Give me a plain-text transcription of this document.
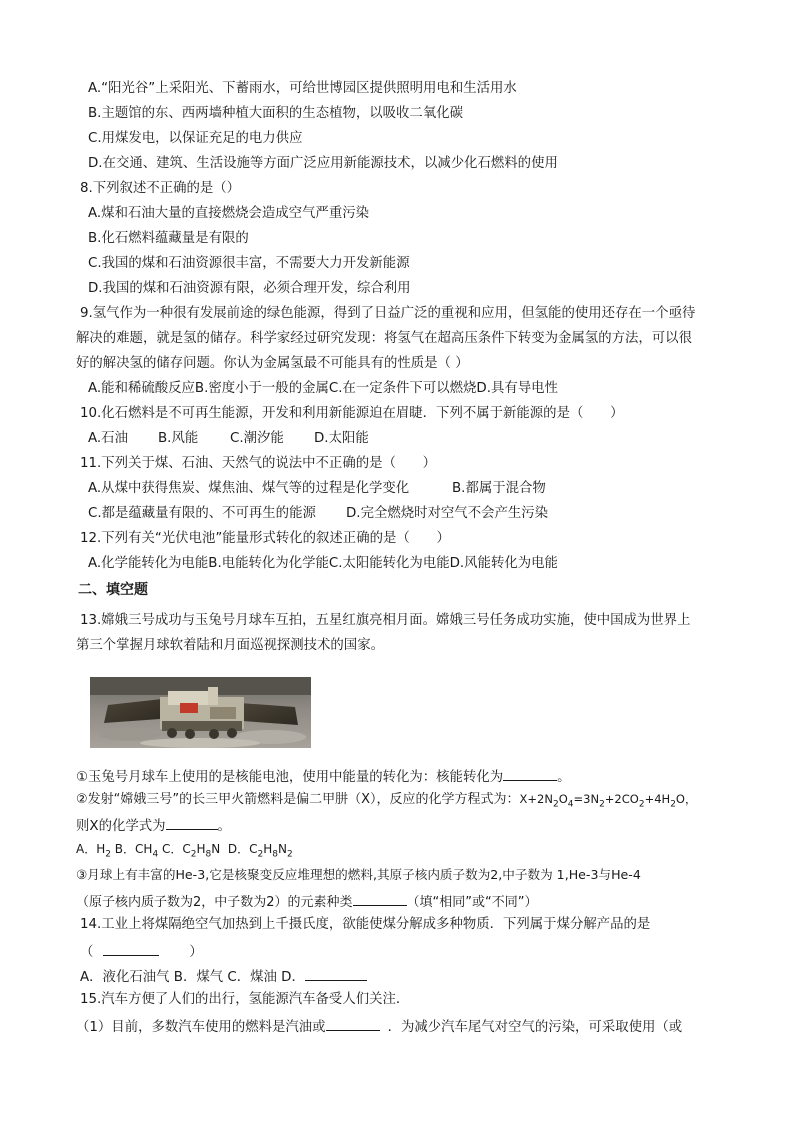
A.“阳光谷”上采阳光、下蓄雨水，可给世博园区提供照明用电和生活用水
B.主题馆的东、西两墙种植大面积的生态植物，以吸收二氧化碳
C.用煤发电，以保证充足的电力供应
D.在交通、建筑、生活设施等方面广泛应用新能源技术，以减少化石燃料的使用
8.下列叙述不正确的是（）
A.煤和石油大量的直接燃烧会造成空气严重污染
B.化石燃料蕴藏量是有限的
C.我国的煤和石油资源很丰富，不需要大力开发新能源
D.我国的煤和石油资源有限，必须合理开发，综合利用
9.氢气作为一种很有发展前途的绿色能源，得到了日益广泛的重视和应用，但氢能的使用还存在一个亟待
解决的难题，就是氢的储存。科学家经过研究发现：将氢气在超高压条件下转变为金属氢的方法，可以很
好的解决氢的储存问题。你认为金属氢最不可能具有的性质是（ ）
A.能和稀硫酸反应B.密度小于一般的金属C.在一定条件下可以燃烧D.具有导电性
10.化石燃料是不可再生能源，开发和利用新能源迫在眉睫．下列不属于新能源的是（　　）
A.石油 B.风能 C.潮汐能 D.太阳能
11.下列关于煤、石油、天然气的说法中不正确的是（　　）
A.从煤中获得焦炭、煤焦油、煤气等的过程是化学变化	B.都属于混合物
C.都是蕴藏量有限的、不可再生的能源 D.完全燃烧时对空气不会产生污染
12.下列有关“光伏电池”能量形式转化的叙述正确的是（　　）
A.化学能转化为电能B.电能转化为化学能C.太阳能转化为电能D.风能转化为电能
二、填空题
13.嫦娥三号成功与玉兔号月球车互拍，五星红旗亮相月面。嫦娥三号任务成功实施，使中国成为世界上
第三个掌握月球软着陆和月面巡视探测技术的国家。
①玉兔号月球车上使用的是核能电池，使用中能量的转化为：核能转化为	。
②发射“嫦娥三号”的长三甲火箭燃料是偏二甲肼（X），反应的化学方程式为：$X+2N_2O_4=3N_2+2CO_2+4H_2O$，
则X的化学式为	。
A．$H_2$ B．$CH_4$ C．$C_2H_8N$ D．$C_2H_8N_2$
③月球上有丰富的He-3,它是核聚变反应堆理想的燃料,其原子核内质子数为2,中子数为 1,He-3与He-4
（原子核内质子数为2，中子数为2）的元素种类	（填“相同”或“不同”）
14.工业上将煤隔绝空气加热到上千摄氏度，欲能使煤分解成多种物质．下列属于煤分解产品的是
（	）
A．液化石油气 B．煤气 C．煤油 D．
15.汽车方便了人们的出行，氢能源汽车备受人们关注．
（1）目前，多数汽车使用的燃料是汽油或	．为减少汽车尾气对空气的污染，可采取使用（或
